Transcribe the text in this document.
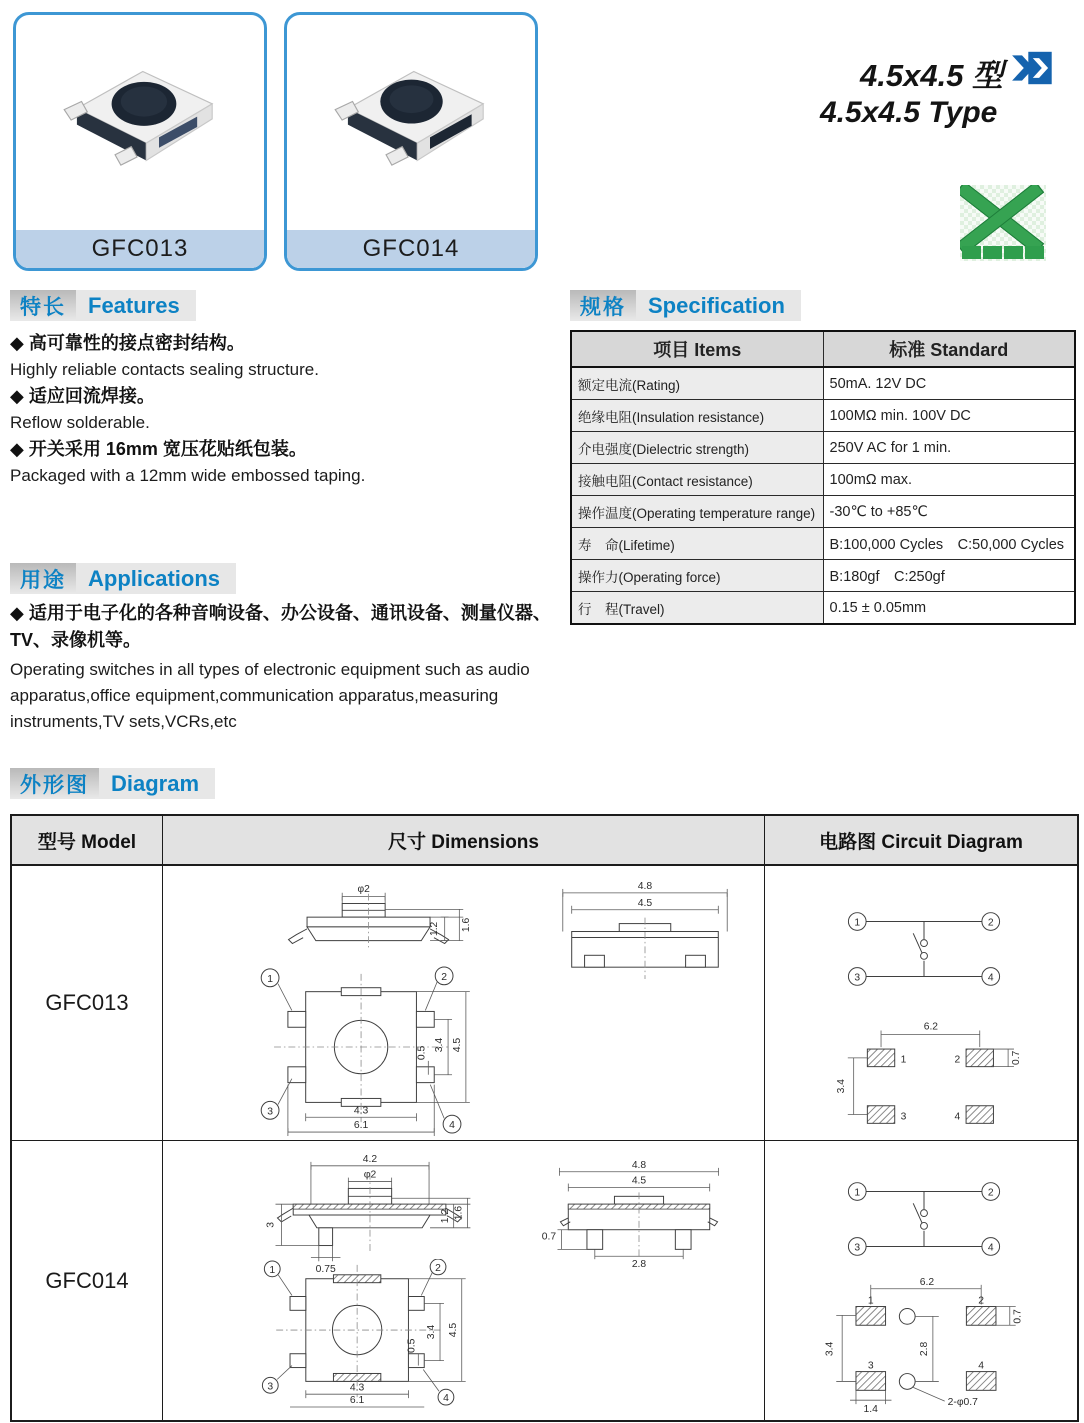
GFC013	GFC014
4.5x4.5 型
4.5x4.5 Type
特长	Features
◆ 高可靠性的接点密封结构。
Highly reliable contacts sealing structure.
◆ 适应回流焊接。
Reflow solderable.
◆ 开关采用 16mm 宽压花贴纸包装。
Packaged with a 12mm wide embossed taping.
用途	Applications
◆ 适用于电子化的各种音响设备、办公设备、通讯设备、测量仪器、TV、录像机等。
Operating switches in all types of electronic equipment such as audio apparatus,office equipment,communication apparatus,measuring instruments,TV sets,VCRs,etc
规格	Specification
项目 Items	标准 Standard
额定电流(Rating)	50mA. 12V DC
绝缘电阻(Insulation resistance)	100MΩ min. 100V DC
介电强度(Dielectric strength)	250V AC for 1 min.
接触电阻(Contact resistance)	100mΩ max.
操作温度(Operating temperature range)	-30℃ to +85℃
寿　命(Lifetime)	B:100,000 Cycles　C:50,000 Cycles
操作力(Operating force)	B:180gf　C:250gf
行　程(Travel)	0.15 ± 0.05mm
外形图	Diagram
型号 Model	尺寸 Dimensions	电路图 Circuit Diagram
GFC013
φ2
1.2 1.6
4.8
4.5
1	2
3
4
4.3
6.1
0.5
3.4 4.5
1	2
3	4
6.2
1	2
3	4
0.7
3.4
GFC014
4.2
φ2
3
1.2 1.6
0.75
4.8
4.5
0.7
2.8
1	2
3
4
4.3
6.1
0.5
3.4 4.5
1	2
3	4
6.2
1	2
3	4
0.7
3.4	2.8
1.4
2-φ0.7
